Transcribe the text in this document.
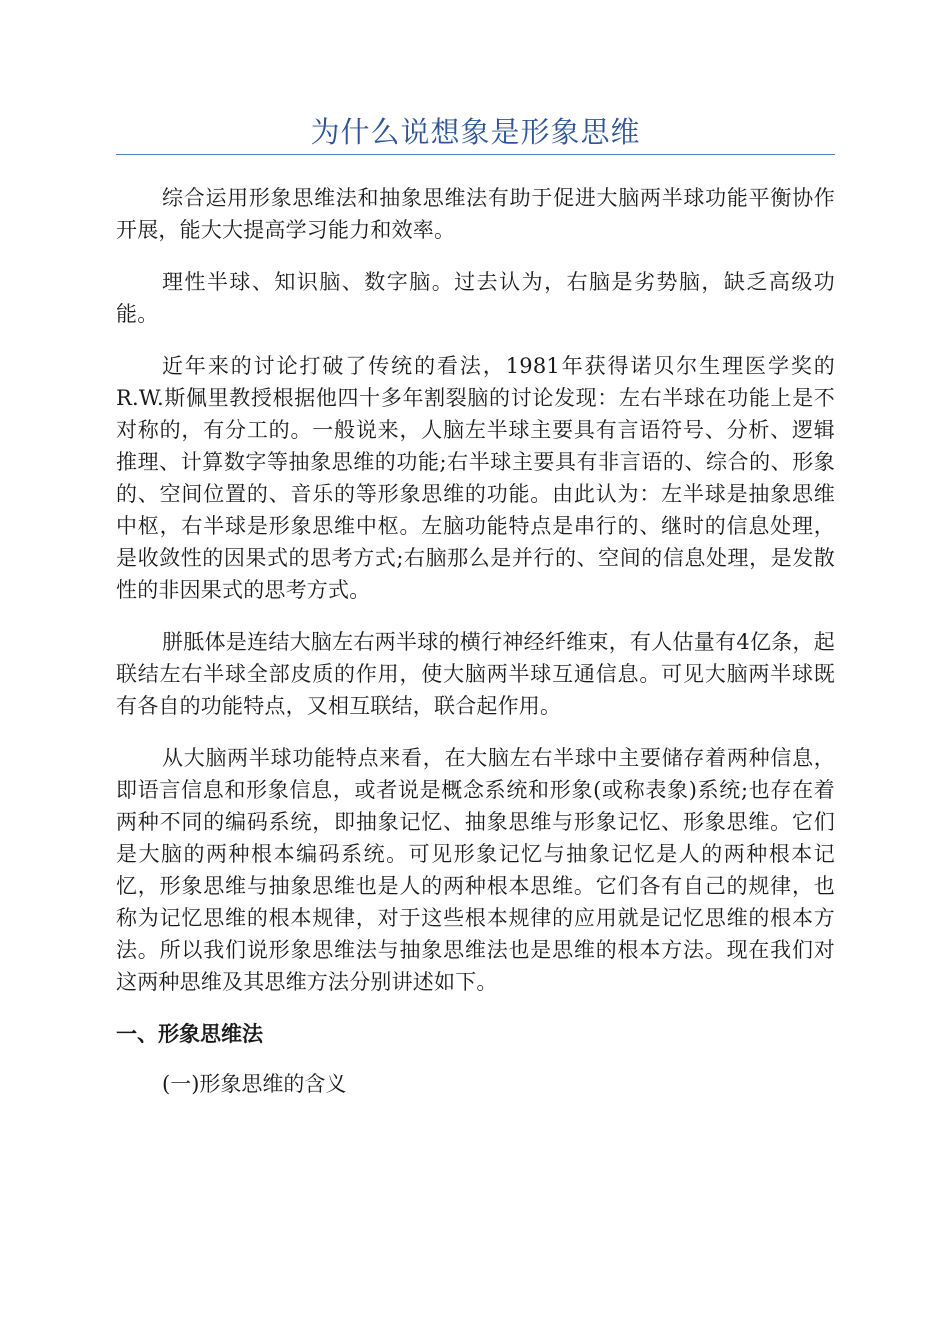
为什么说想象是形象思维

综合运用形象思维法和抽象思维法有助于促进大脑两半球功能平衡协作开展，能大大提高学习能力和效率。

理性半球、知识脑、数字脑。过去认为，右脑是劣势脑，缺乏高级功能。

近年来的讨论打破了传统的看法，1981年获得诺贝尔生理医学奖的R.W.斯佩里教授根据他四十多年割裂脑的讨论发现：左右半球在功能上是不对称的，有分工的。一般说来，人脑左半球主要具有言语符号、分析、逻辑推理、计算数字等抽象思维的功能;右半球主要具有非言语的、综合的、形象的、空间位置的、音乐的等形象思维的功能。由此认为：左半球是抽象思维中枢，右半球是形象思维中枢。左脑功能特点是串行的、继时的信息处理，是收敛性的因果式的思考方式;右脑那么是并行的、空间的信息处理，是发散性的非因果式的思考方式。

胼胝体是连结大脑左右两半球的横行神经纤维束，有人估量有4亿条，起联结左右半球全部皮质的作用，使大脑两半球互通信息。可见大脑两半球既有各自的功能特点，又相互联结，联合起作用。

从大脑两半球功能特点来看，在大脑左右半球中主要储存着两种信息，即语言信息和形象信息，或者说是概念系统和形象(或称表象)系统;也存在着两种不同的编码系统，即抽象记忆、抽象思维与形象记忆、形象思维。它们是大脑的两种根本编码系统。可见形象记忆与抽象记忆是人的两种根本记忆，形象思维与抽象思维也是人的两种根本思维。它们各有自己的规律，也称为记忆思维的根本规律，对于这些根本规律的应用就是记忆思维的根本方法。所以我们说形象思维法与抽象思维法也是思维的根本方法。现在我们对这两种思维及其思维方法分别讲述如下。

一、形象思维法

(一)形象思维的含义
